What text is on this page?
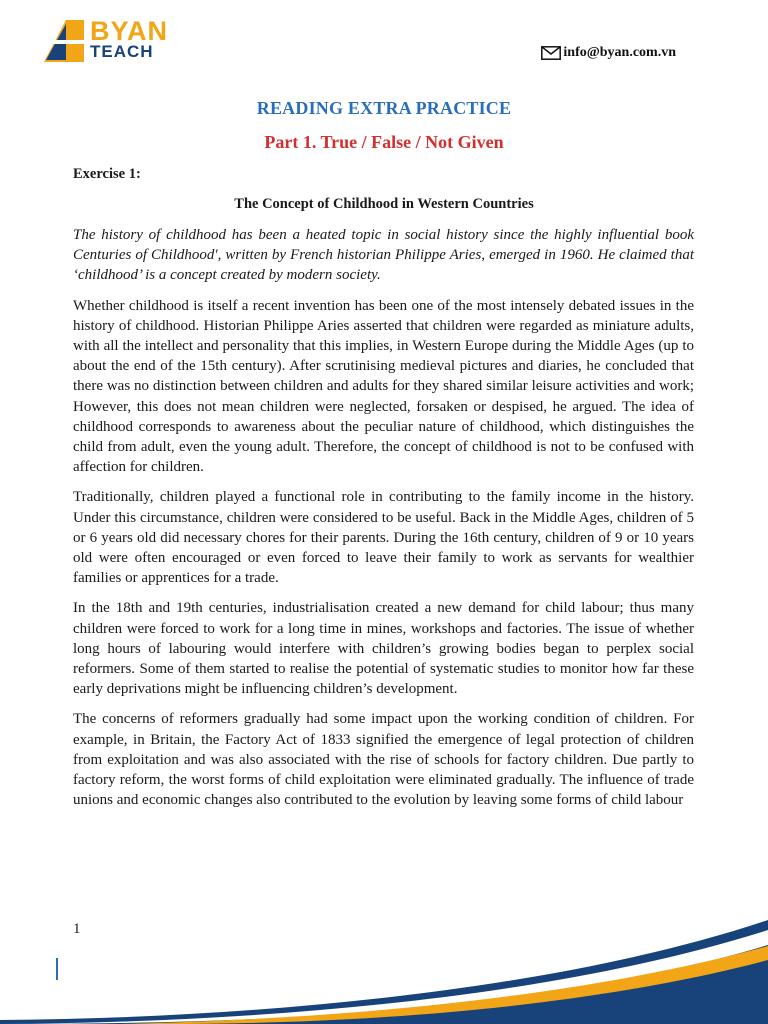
BYAN
TEACH	info@byan.com.vn
READING EXTRA PRACTICE
Part 1. True / False / Not Given
Exercise 1:
The Concept of Childhood in Western Countries

The history of childhood has been a heated topic in social history since the highly influential book Centuries of Childhood', written by French historian Philippe Aries, emerged in 1960. He claimed that ‘childhood’ is a concept created by modern society.

Whether childhood is itself a recent invention has been one of the most intensely debated issues in the history of childhood. Historian Philippe Aries asserted that children were regarded as miniature adults, with all the intellect and personality that this implies, in Western Europe during the Middle Ages (up to about the end of the 15th century). After scrutinising medieval pictures and diaries, he concluded that there was no distinction between children and adults for they shared similar leisure activities and work; However, this does not mean children were neglected, forsaken or despised, he argued. The idea of childhood corresponds to awareness about the peculiar nature of childhood, which distinguishes the child from adult, even the young adult. Therefore, the concept of childhood is not to be confused with affection for children.

Traditionally, children played a functional role in contributing to the family income in the history. Under this circumstance, children were considered to be useful. Back in the Middle Ages, children of 5 or 6 years old did necessary chores for their parents. During the 16th century, children of 9 or 10 years old were often encouraged or even forced to leave their family to work as servants for wealthier families or apprentices for a trade.

In the 18th and 19th centuries, industrialisation created a new demand for child labour; thus many children were forced to work for a long time in mines, workshops and factories. The issue of whether long hours of labouring would interfere with children’s growing bodies began to perplex social reformers. Some of them started to realise the potential of systematic studies to monitor how far these early deprivations might be influencing children’s development.

The concerns of reformers gradually had some impact upon the working condition of children. For example, in Britain, the Factory Act of 1833 signified the emergence of legal protection of children from exploitation and was also associated with the rise of schools for factory children. Due partly to factory reform, the worst forms of child exploitation were eliminated gradually. The influence of trade unions and economic changes also contributed to the evolution by leaving some forms of child labour

1
